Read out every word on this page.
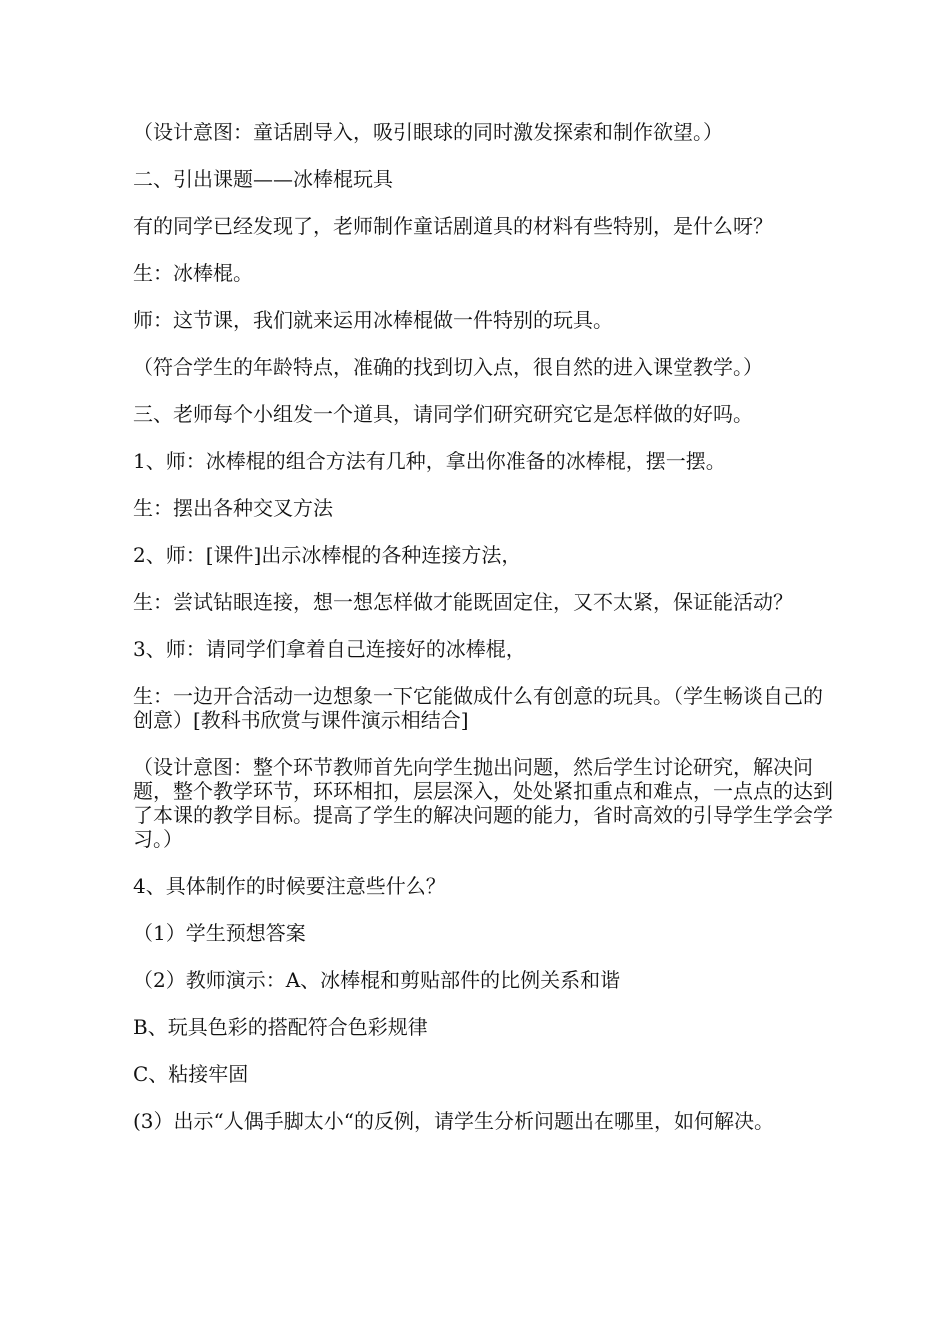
（设计意图：童话剧导入，吸引眼球的同时激发探索和制作欲望。）

二、引出课题——冰棒棍玩具

有的同学已经发现了，老师制作童话剧道具的材料有些特别，是什么呀？

生：冰棒棍。

师：这节课，我们就来运用冰棒棍做一件特别的玩具。

（符合学生的年龄特点，准确的找到切入点，很自然的进入课堂教学。）

三、老师每个小组发一个道具，请同学们研究研究它是怎样做的好吗。

1、师：冰棒棍的组合方法有几种，拿出你准备的冰棒棍，摆一摆。

生：摆出各种交叉方法

2、师：[课件]出示冰棒棍的各种连接方法，

生：尝试钻眼连接，想一想怎样做才能既固定住，又不太紧，保证能活动？

3、师：请同学们拿着自己连接好的冰棒棍，

生：一边开合活动一边想象一下它能做成什么有创意的玩具。（学生畅谈自己的创意）[教科书欣赏与课件演示相结合]

（设计意图：整个环节教师首先向学生抛出问题，然后学生讨论研究，解决问题，整个教学环节，环环相扣，层层深入，处处紧扣重点和难点，一点点的达到了本课的教学目标。提高了学生的解决问题的能力，省时高效的引导学生学会学习。）

4、具体制作的时候要注意些什么？

（1）学生预想答案

（2）教师演示：A、冰棒棍和剪贴部件的比例关系和谐

B、玩具色彩的搭配符合色彩规律

C、粘接牢固

(3）出示“人偶手脚太小“的反例，请学生分析问题出在哪里，如何解决。
